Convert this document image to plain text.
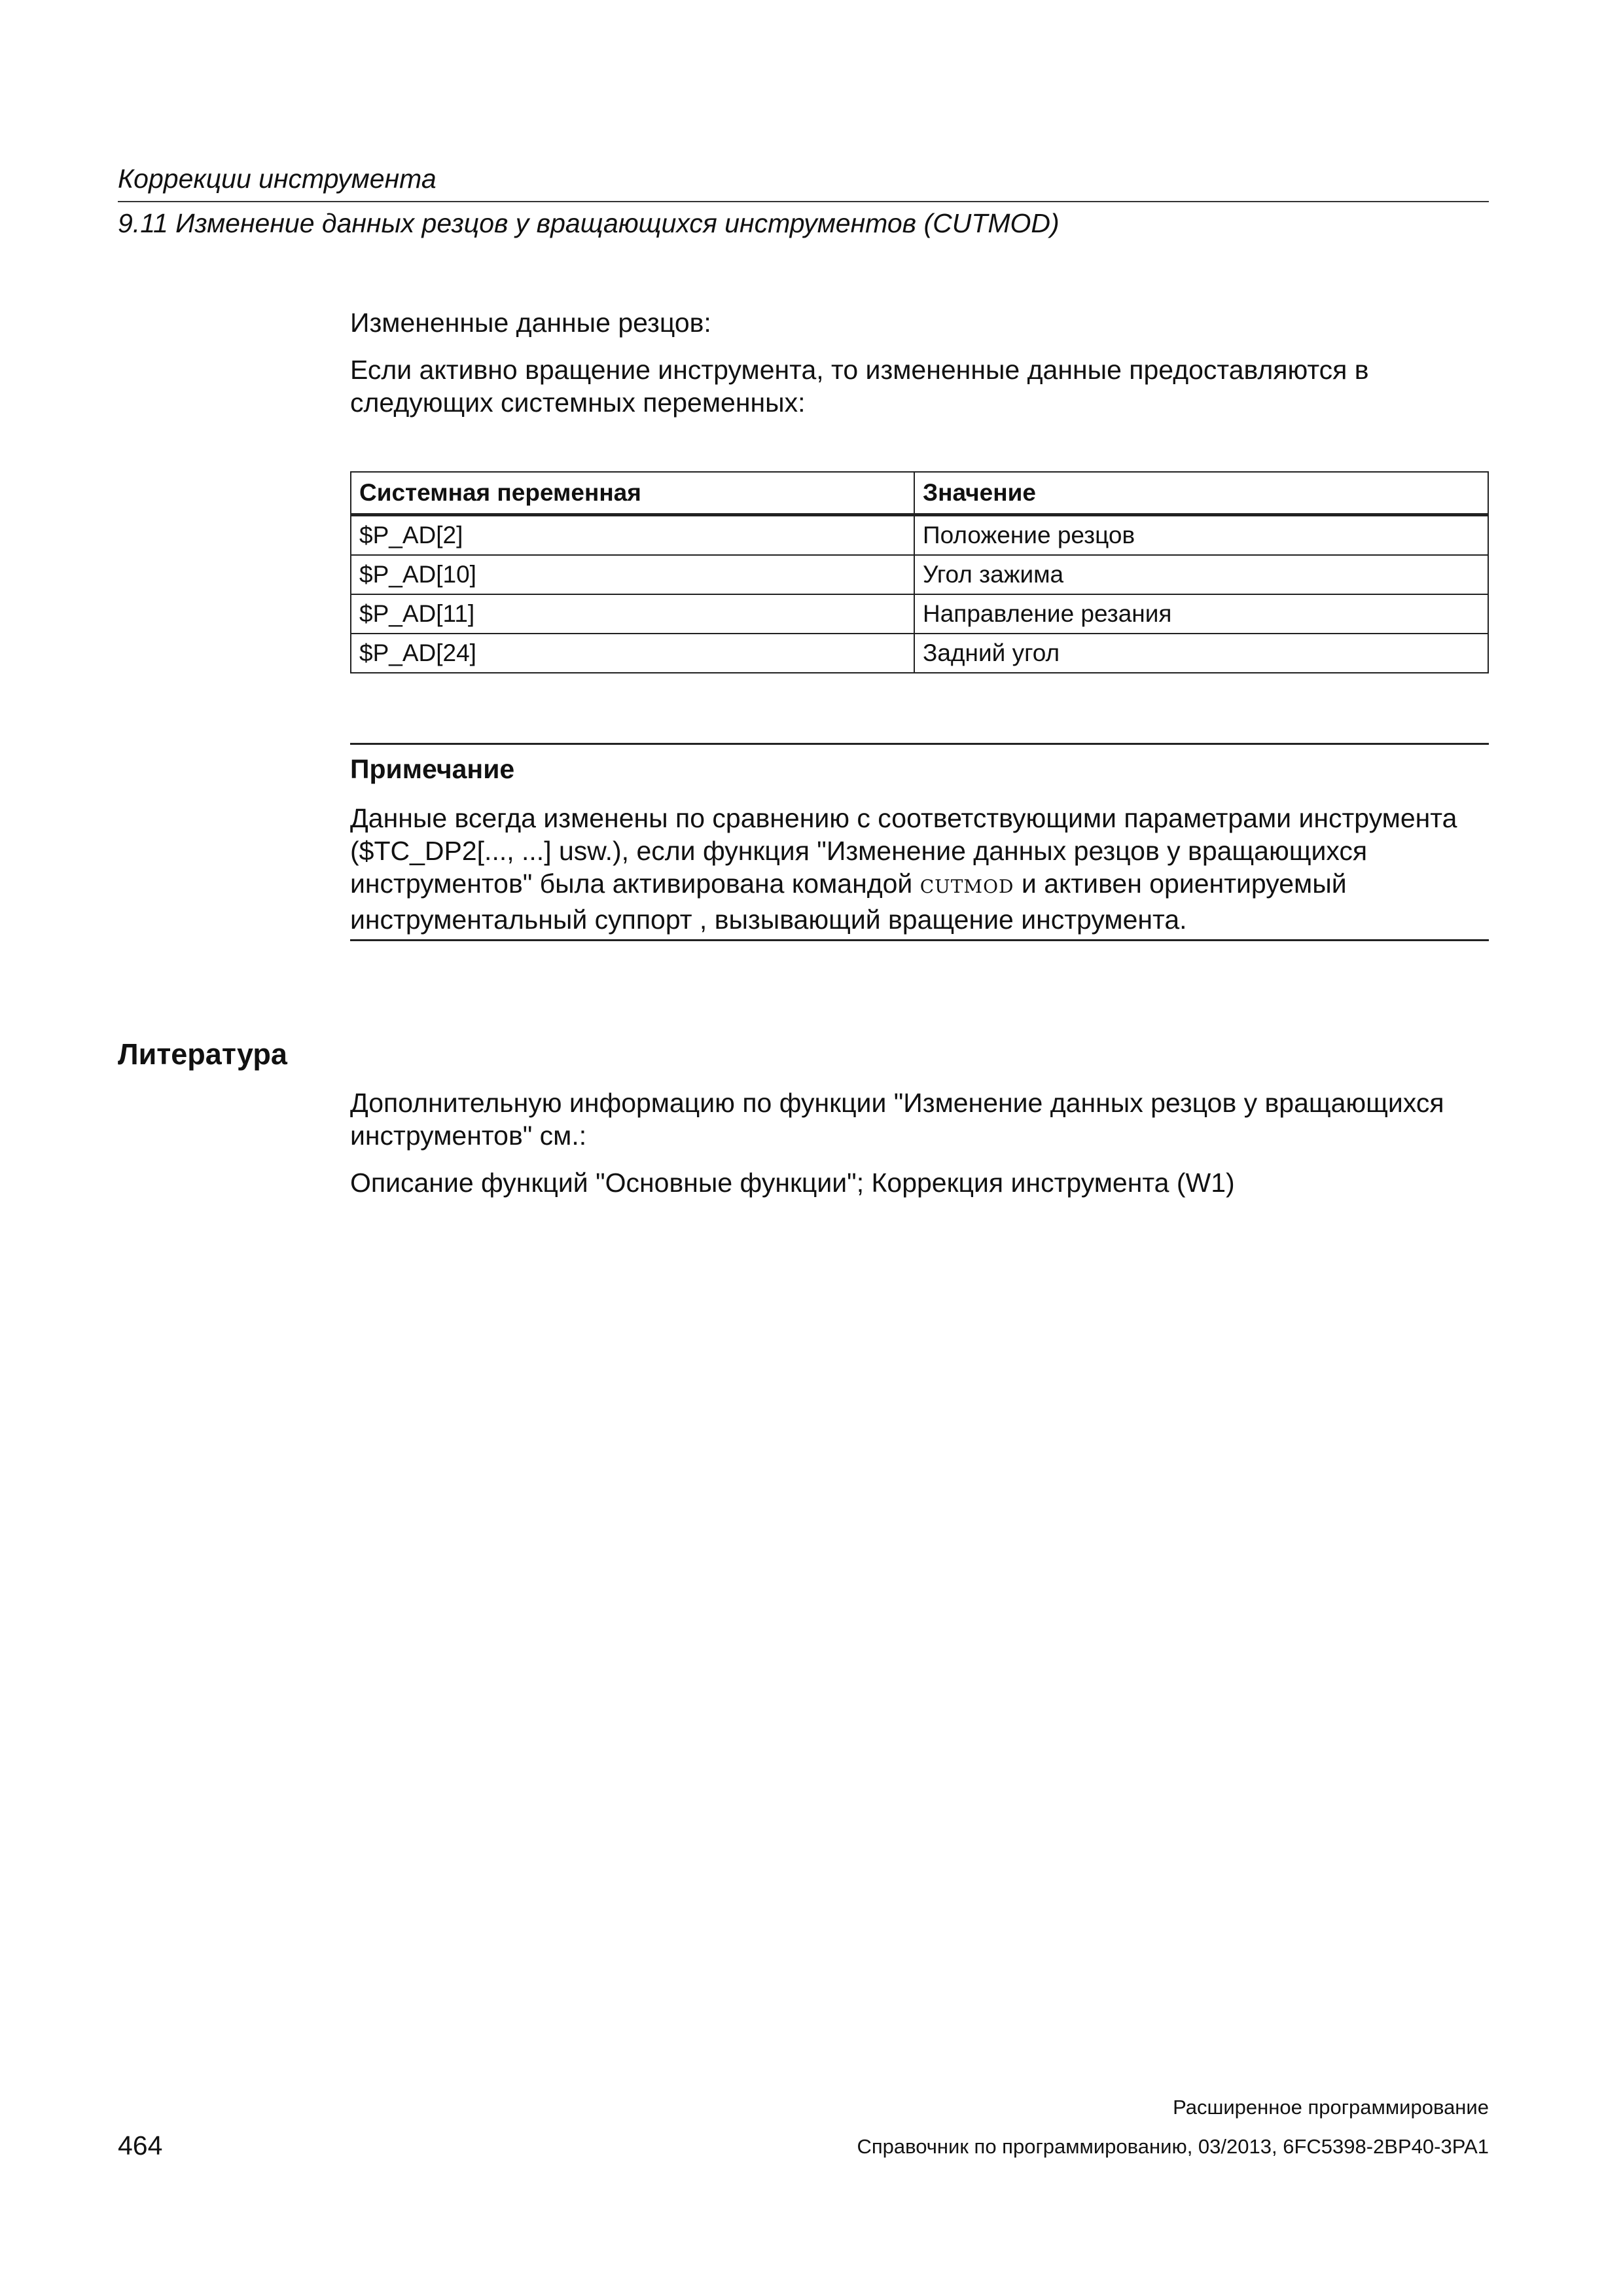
Коррекции инструмента
9.11 Изменение данных резцов у вращающихся инструментов (CUTMOD)
Измененные данные резцов:
Если активно вращение инструмента, то измененные данные предоставляются в следующих системных переменных:
Системная переменная	Значение
$P_AD[2]	Положение резцов
$P_AD[10]	Угол зажима
$P_AD[11]	Направление резания
$P_AD[24]	Задний угол
Примечание
Данные всегда изменены по сравнению с соответствующими параметрами инструмента ($TC_DP2[..., ...] usw.), если функция "Изменение данных резцов у вращающихся инструментов" была активирована командой CUTMOD и активен ориентируемый инструментальный суппорт , вызывающий вращение инструмента.
Литература
Дополнительную информацию по функции "Изменение данных резцов у вращающихся инструментов" см.:
Описание функций "Основные функции"; Коррекция инструмента (W1)
Расширенное программирование
Справочник по программированию, 03/2013, 6FC5398-2BP40-3PA1
464
